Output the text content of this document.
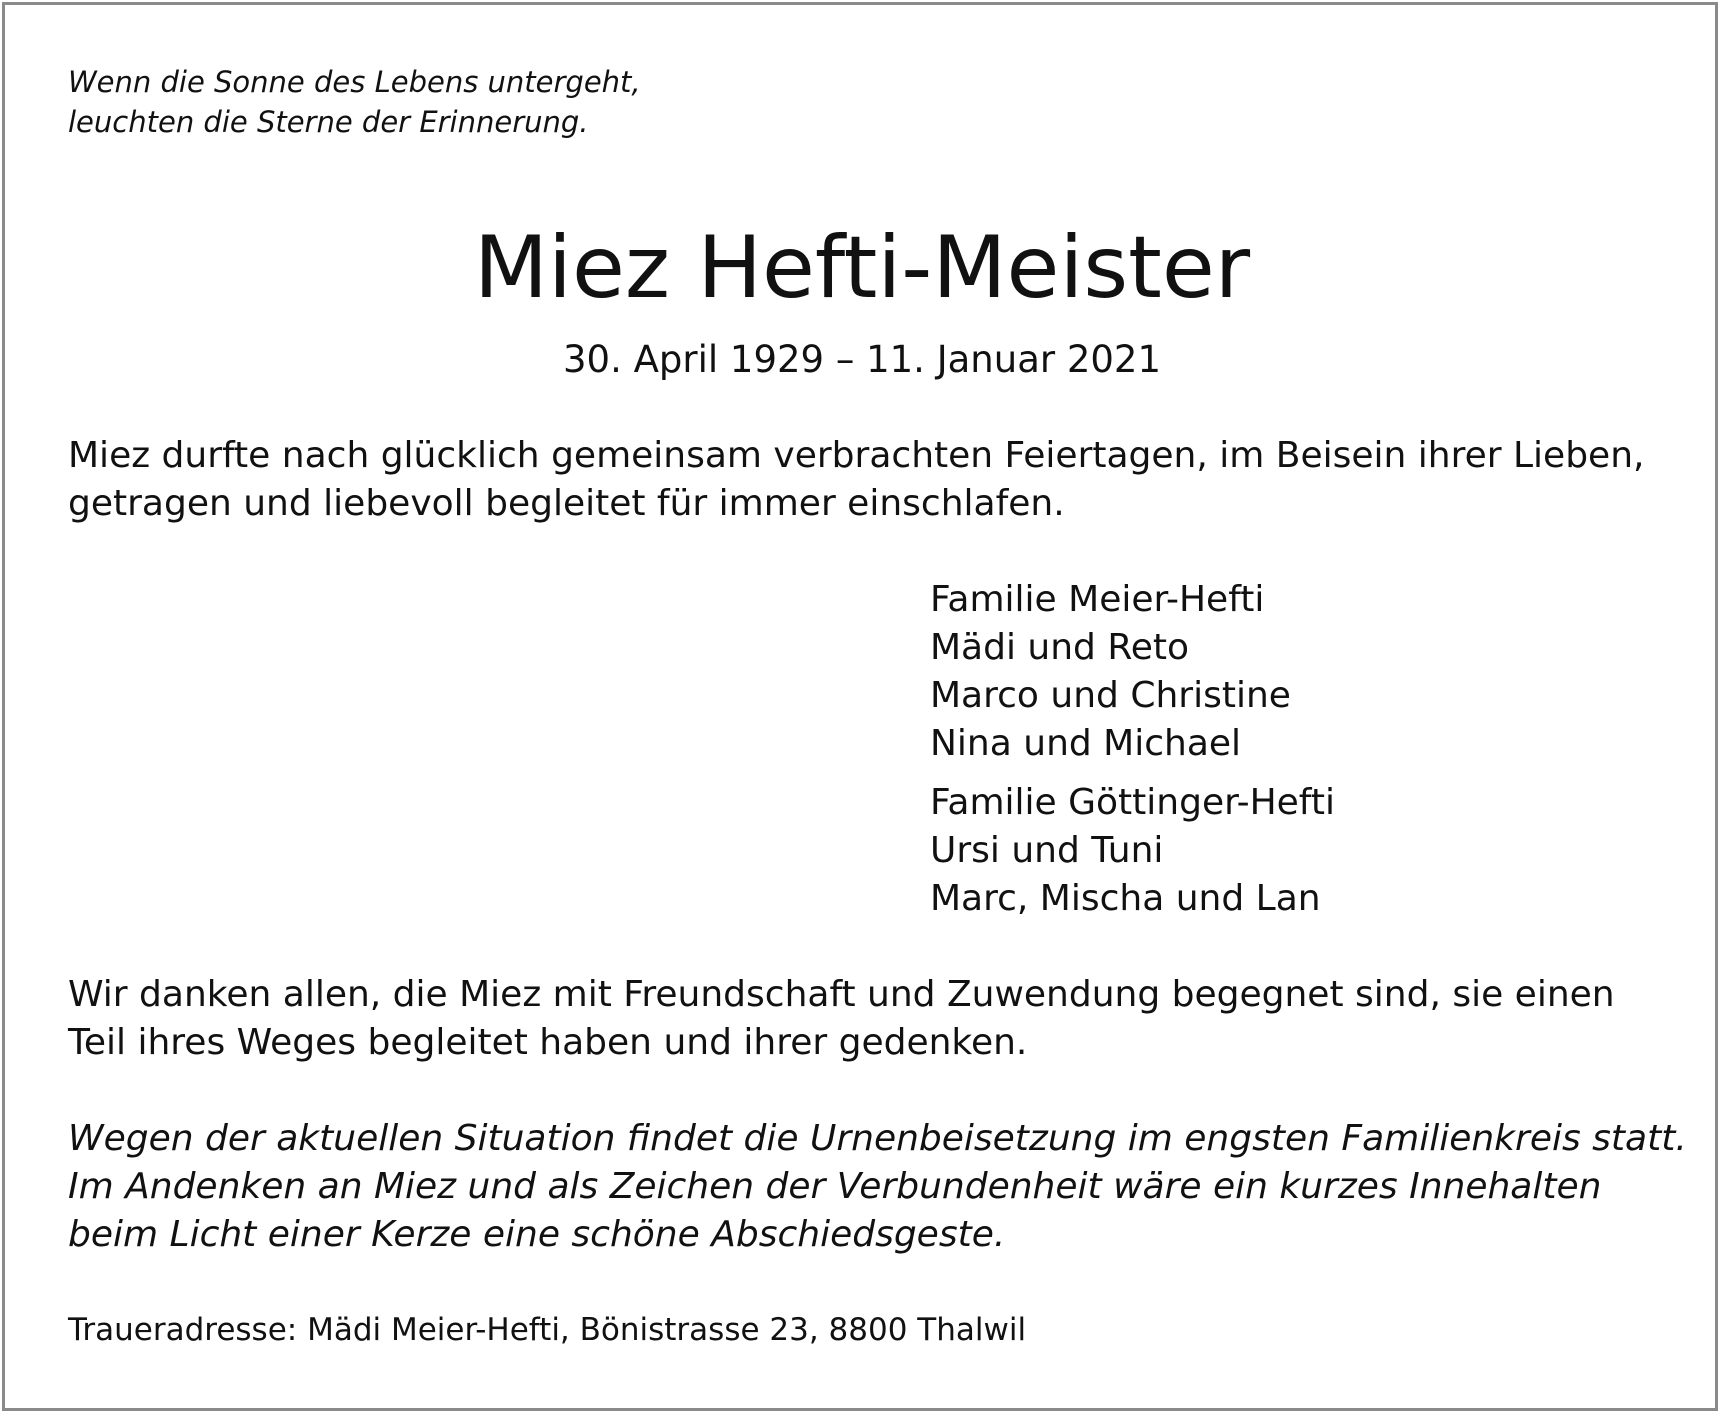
Wenn die Sonne des Lebens untergeht,
leuchten die Sterne der Erinnerung.
Miez Hefti-Meister
30. April 1929 – 11. Januar 2021
Miez durfte nach glücklich gemeinsam verbrachten Feiertagen, im Beisein ihrer Lieben,
getragen und liebevoll begleitet für immer einschlafen.
Familie Meier-Hefti
Mädi und Reto
Marco und Christine
Nina und Michael
Familie Göttinger-Hefti
Ursi und Tuni
Marc, Mischa und Lan
Wir danken allen, die Miez mit Freundschaft und Zuwendung begegnet sind, sie einen
Teil ihres Weges begleitet haben und ihrer gedenken.
Wegen der aktuellen Situation findet die Urnenbeisetzung im engsten Familienkreis statt.
Im Andenken an Miez und als Zeichen der Verbundenheit wäre ein kurzes Innehalten
beim Licht einer Kerze eine schöne Abschiedsgeste.
Traueradresse: Mädi Meier-Hefti, Bönistrasse 23, 8800 Thalwil
